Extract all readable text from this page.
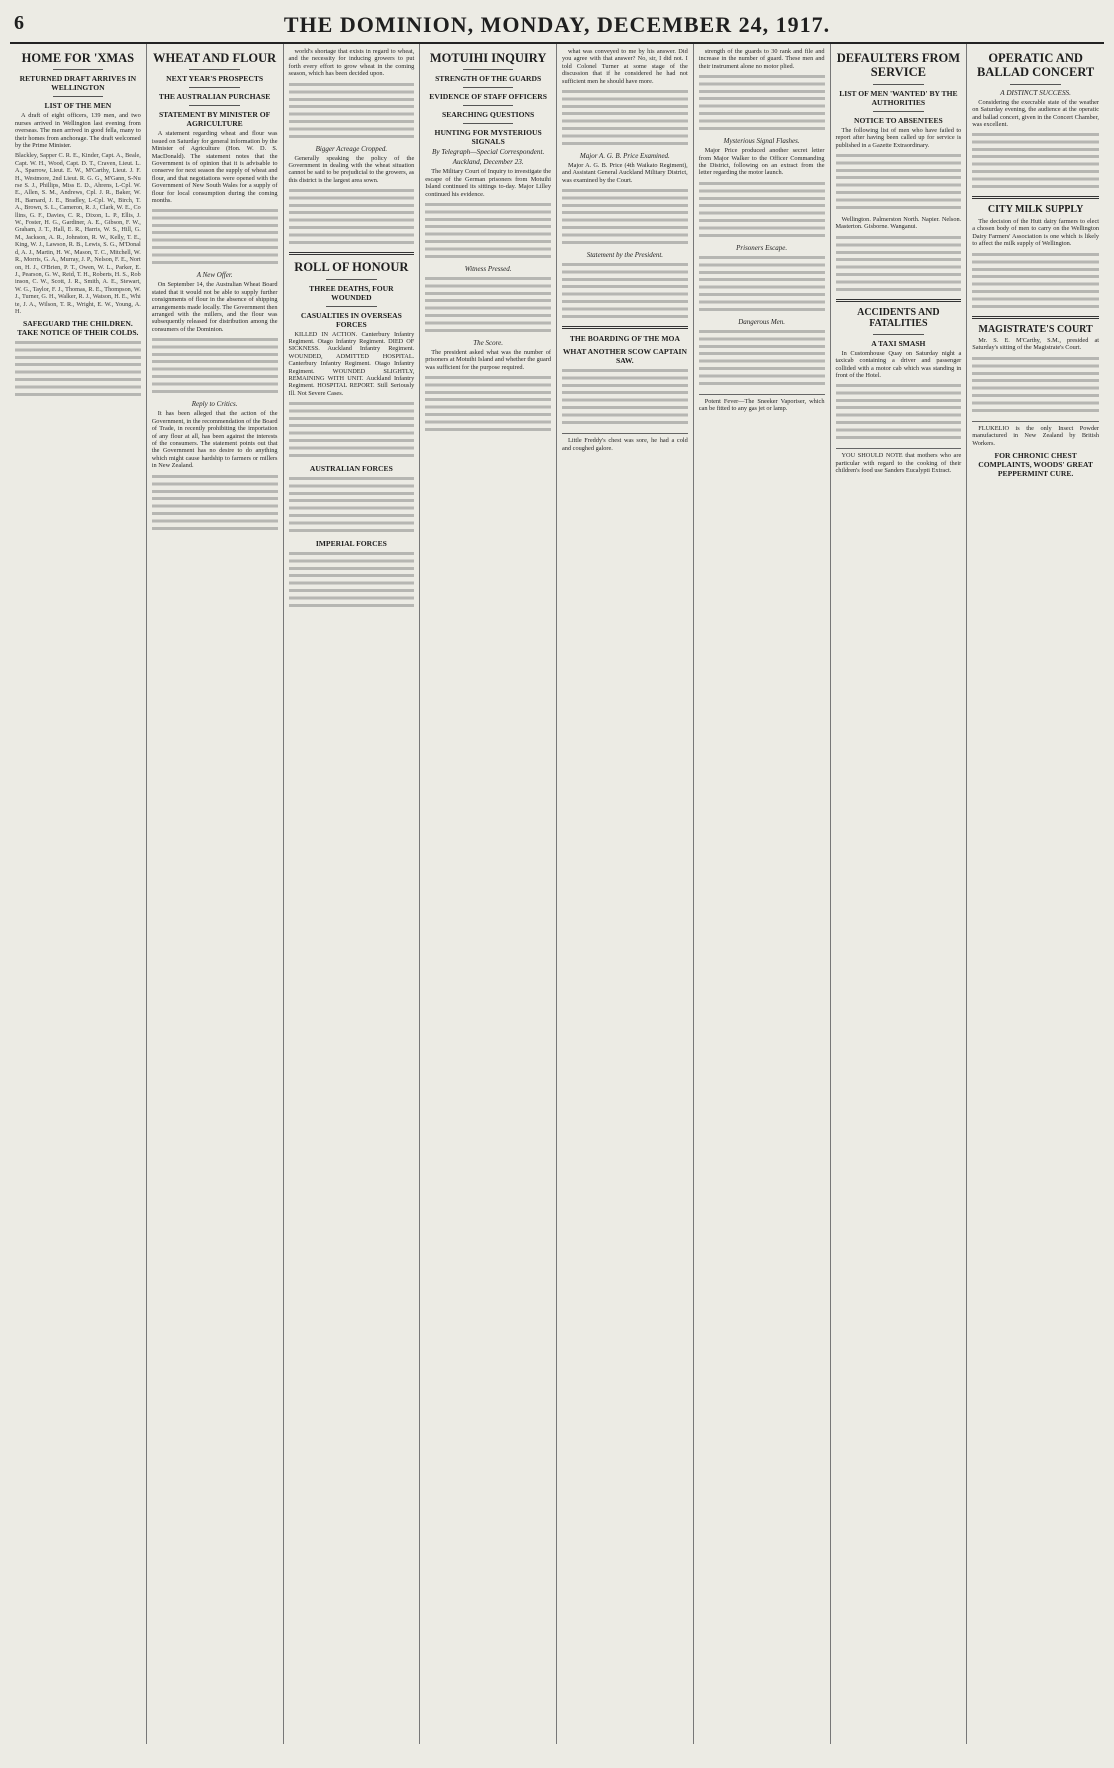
6	THE DOMINION, MONDAY, DECEMBER 24, 1917.
HOME FOR 'XMAS
RETURNED DRAFT ARRIVES IN WELLINGTON
LIST OF THE MEN

A draft of eight officers, 139 men, and two nurses arrived in Wellington last evening from overseas. The men arrived in good fella, many to their homes from anchorage. The draft welcomed by the Prime Minister.

Blackley, Sapper C. R. E., Kinder, Capt. A., Beale, Capt. W. H., Wood, Capt. D. T., Craven, Lieut. L. A., Sparrow, Lieut. E. W., M'Carthy, Lieut. J. F. H., Westmore, 2nd Lieut. R. G. G., M'Gann, S-Nurse S. J., Phillips, Miss E. D., Ahrens, L-Cpl. W. E., Allen, S. M., Andrews, Cpl. J. R., Baker, W. H., Barnard, J. E., Bradley, L-Cpl. W., Birch, T. A., Brown, S. L., Cameron, R. J., Clark, W. E., Collins, G. F., Davies, C. R., Dixon, L. P., Ellis, J. W., Foster, H. G., Gardiner, A. E., Gibson, F. W., Graham, J. T., Hall, E. R., Harris, W. S., Hill, G. M., Jackson, A. R., Johnston, R. W., Kelly, T. E., King, W. J., Lawson, R. B., Lewis, S. G., M'Donald, A. J., Martin, H. W., Mason, T. C., Mitchell, W. R., Morris, G. A., Murray, J. P., Nelson, F. E., Norton, H. J., O'Brien, P. T., Owen, W. L., Parker, E. J., Pearson, G. W., Reid, T. H., Roberts, H. S., Robinson, C. W., Scott, J. R., Smith, A. E., Stewart, W. G., Taylor, F. J., Thomas, R. E., Thompson, W. J., Turner, G. H., Walker, R. J., Watson, H. E., White, J. A., Wilson, T. R., Wright, E. W., Young, A. H.
SAFEGUARD THE CHILDREN. TAKE NOTICE OF THEIR COLDS.
WHEAT AND FLOUR
NEXT YEAR'S PROSPECTS
THE AUSTRALIAN PURCHASE
STATEMENT BY MINISTER OF AGRICULTURE

A statement regarding wheat and flour was issued on Saturday for general information by the Minister of Agriculture (Hon. W. D. S. MacDonald). The statement notes that the Government is of opinion that it is advisable to conserve for next season the supply of wheat and flour, and that negotiations were opened with the Government of New South Wales for a supply of flour for local consumption during the coming months.

A New Offer.

On September 14, the Australian Wheat Board stated that it would not be able to supply further consignments of flour in the absence of shipping arrangements made locally. The Government then arranged with the millers, and the flour was subsequently released for distribution among the consumers of the Dominion.

Reply to Critics.

It has been alleged that the action of the Government, in the recommendation of the Board of Trade, in recently prohibiting the importation of any flour at all, has been against the interests of the consumers. The statement points out that the Government has no desire to do anything which might cause hardship to farmers or millers in New Zealand.

world's shortage that exists in regard to wheat, and the necessity for inducing growers to put forth every effort to grow wheat in the coming season, which has been decided upon.

Bigger Acreage Cropped.

Generally speaking the policy of the Government in dealing with the wheat situation cannot be said to be prejudicial to the growers, as this district is the largest area sown.

ROLL OF HONOUR
THREE DEATHS, FOUR WOUNDED
CASUALTIES IN OVERSEAS FORCES

KILLED IN ACTION. Canterbury Infantry Regiment. Otago Infantry Regiment. DIED OF SICKNESS. Auckland Infantry Regiment. WOUNDED, ADMITTED HOSPITAL. Canterbury Infantry Regiment. Otago Infantry Regiment. WOUNDED SLIGHTLY, REMAINING WITH UNIT. Auckland Infantry Regiment. HOSPITAL REPORT. Still Seriously Ill. Not Severe Cases.

AUSTRALIAN FORCES
IMPERIAL FORCES
MOTUIHI INQUIRY
STRENGTH OF THE GUARDS
EVIDENCE OF STAFF OFFICERS
SEARCHING QUESTIONS
HUNTING FOR MYSTERIOUS SIGNALS
By Telegraph—Special Correspondent.
Auckland, December 23.

The Military Court of Inquiry to investigate the escape of the German prisoners from Motuihi Island continued its sittings to-day. Major Lilley continued his evidence.

Witness Pressed.
The Score.

The president asked what was the number of prisoners at Motuihi Island and whether the guard was sufficient for the purpose required.

what was conveyed to me by his answer. Did you agree with that answer? No, sir, I did not. I told Colonel Turner at some stage of the discussion that if he considered he had not sufficient men he should have more.

Major A. G. B. Price Examined.

Major A. G. B. Price (4th Waikato Regiment), and Assistant General Auckland Military District, was examined by the Court.

Statement by the President.
THE BOARDING OF THE MOA
WHAT ANOTHER SCOW CAPTAIN SAW.

Little Freddy's chest was sore, he had a cold and coughed galore.

strength of the guards to 30 rank and file and increase in the number of guard. These men and their instrument alone no motor plied.

Mysterious Signal Flashes.

Major Price produced another secret letter from Major Walker to the Officer Commanding the District, following on an extract from the letter regarding the motor launch.

Prisoners Escape.
Dangerous Men.

Potent Fever—The Sneeker Vaporiser, which can be fitted to any gas jet or lamp.

DEFAULTERS FROM SERVICE
LIST OF MEN 'WANTED' BY THE AUTHORITIES
NOTICE TO ABSENTEES

The following list of men who have failed to report after having been called up for service is published in a Gazette Extraordinary.

Wellington. Palmerston North. Napier. Nelson. Masterton. Gisborne. Wanganui.

ACCIDENTS AND FATALITIES
A TAXI SMASH

In Customhouse Quay on Saturday night a taxicab containing a driver and passenger collided with a motor cab which was standing in front of the Hotel.

YOU SHOULD NOTE that mothers who are particular with regard to the cooking of their children's food use Sanders Eucalypti Extract.

OPERATIC AND BALLAD CONCERT
A DISTINCT SUCCESS.

Considering the execrable state of the weather on Saturday evening, the audience at the operatic and ballad concert, given in the Concert Chamber, was excellent.

CITY MILK SUPPLY

The decision of the Hutt dairy farmers to elect a chosen body of men to carry on the Wellington Dairy Farmers' Association is one which is likely to affect the milk supply of Wellington.

MAGISTRATE'S COURT

Mr. S. E. M'Carthy, S.M., presided at Saturday's sitting of the Magistrate's Court.

FLUKELIO is the only Insect Powder manufactured in New Zealand by British Workers.

FOR CHRONIC CHEST COMPLAINTS, WOODS' GREAT PEPPERMINT CURE.
